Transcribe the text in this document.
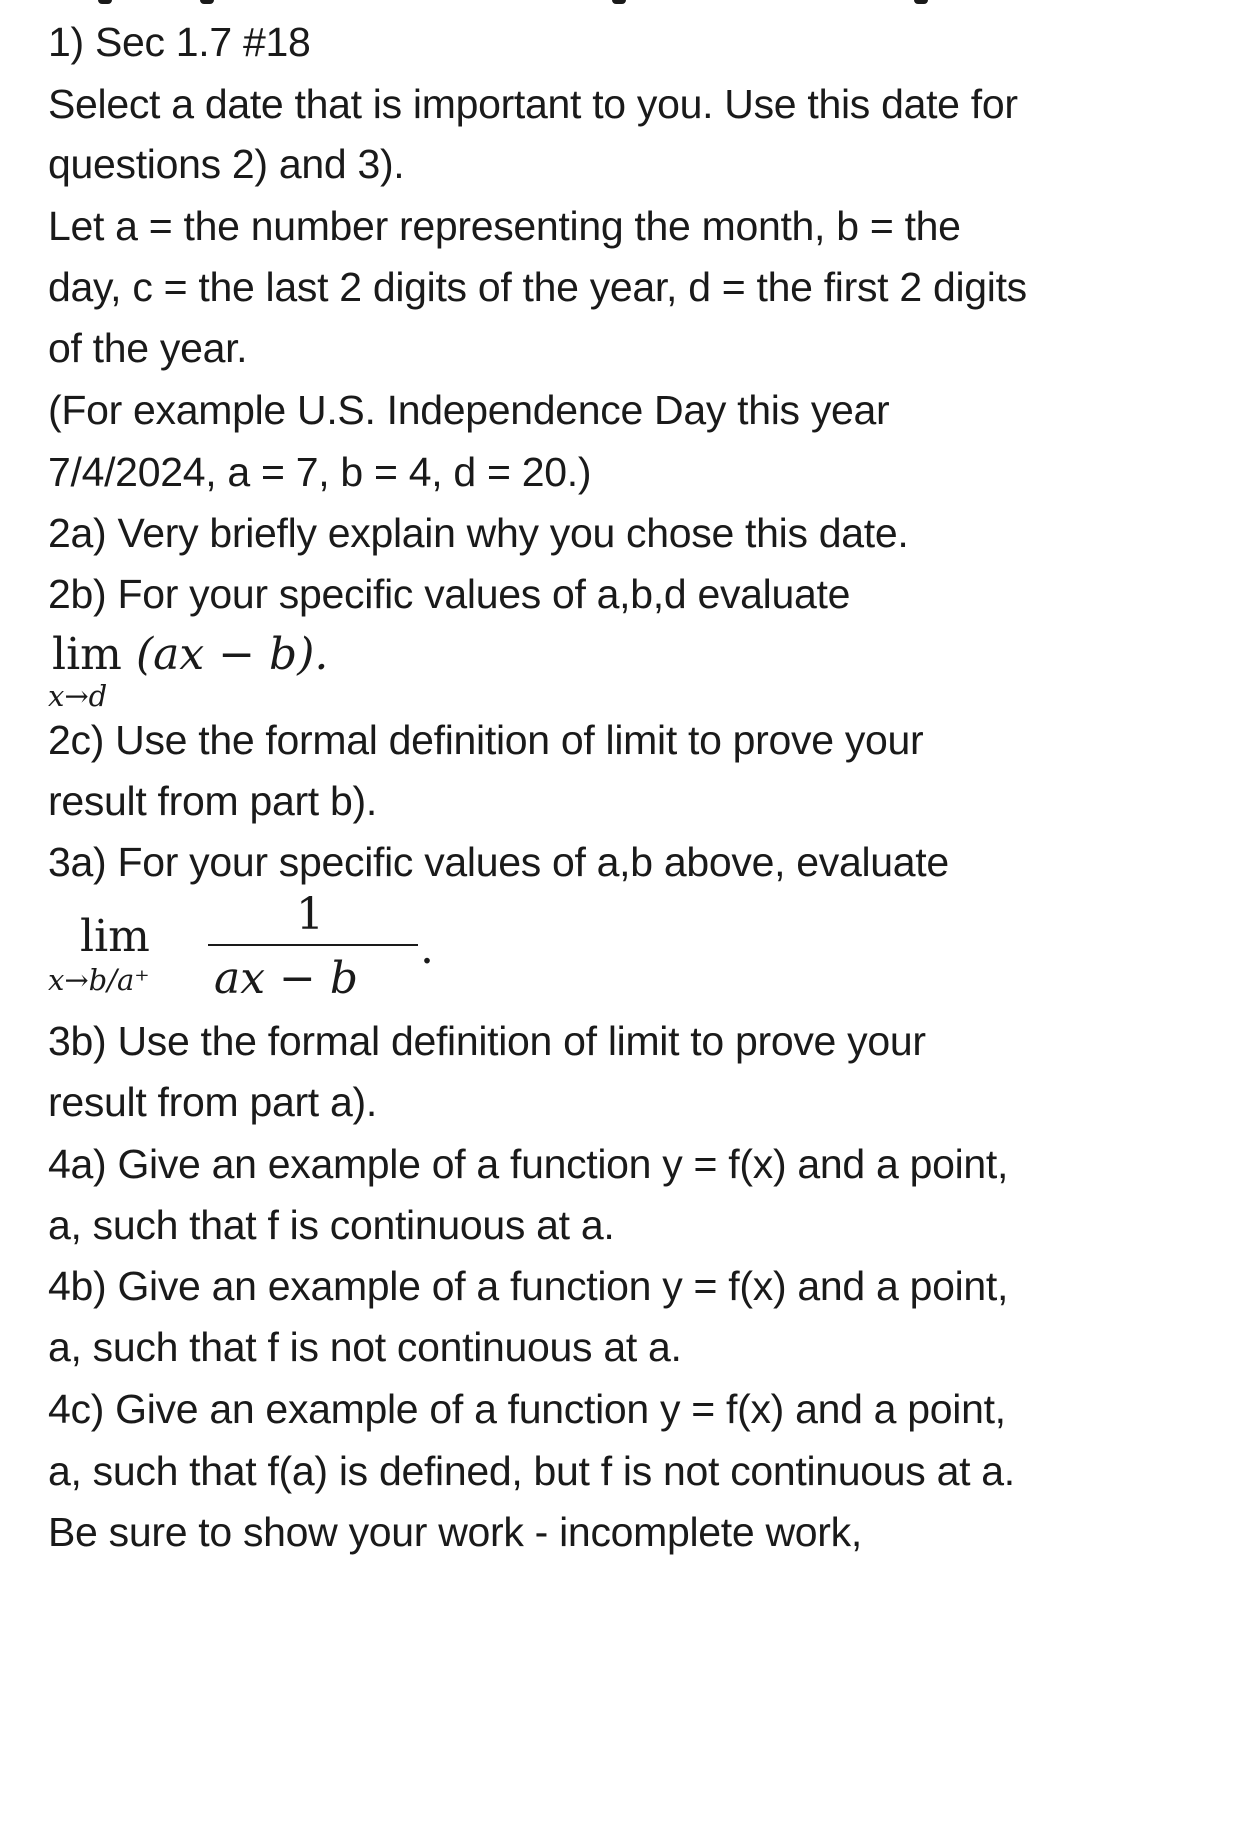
1) Sec 1.7 #18
Select a date that is important to you. Use this date for
questions 2) and 3).
Let a = the number representing the month, b = the
day, c = the last 2 digits of the year, d = the first 2 digits
of the year.
(For example U.S. Independence Day this year
7/4/2024, a = 7, b = 4, d = 20.)
2a) Very briefly explain why you chose this date.
2b) For your specific values of a,b,d evaluate
lim (ax − b).
x→d
2c) Use the formal definition of limit to prove your
result from part b).
3a) For your specific values of a,b above, evaluate
lim
x→b/a⁺
1
ax − b
.
3b) Use the formal definition of limit to prove your
result from part a).
4a) Give an example of a function y = f(x) and a point,
a, such that f is continuous at a.
4b) Give an example of a function y = f(x) and a point,
a, such that f is not continuous at a.
4c) Give an example of a function y = f(x) and a point,
a, such that f(a) is defined, but f is not continuous at a.
Be sure to show your work - incomplete work,
